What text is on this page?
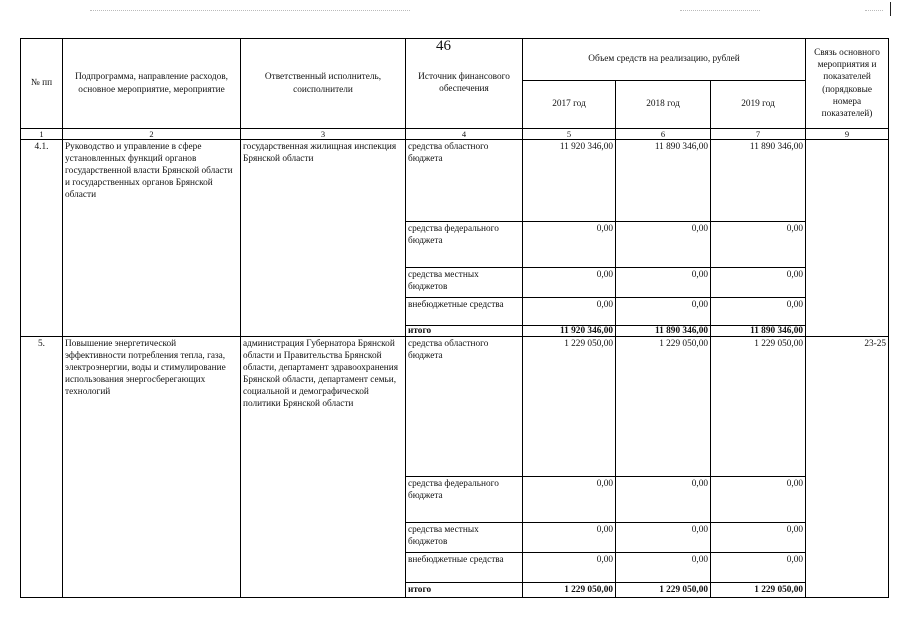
46
№ пп	Подпрограмма, направление расходов, основное мероприятие, мероприятие	Ответственный исполнитель, соисполнители	Источник финансового обеспечения	Объем средств на реализацию, рублей			Связь основного мероприятия и показателей (порядковые номера показателей)
				2017 год	2018 год	2019 год	
1	2	3	4	5	6	7	9
4.1.	Руководство и управление в сфере установленных функций органов государственной власти Брянской области и государственных органов Брянской области	государственная жилищная инспекция Брянской области	средства областного бюджета	11 920 346,00	11 890 346,00	11 890 346,00	
			средства федерального бюджета	0,00	0,00	0,00	
			средства местных бюджетов	0,00	0,00	0,00	
			внебюджетные средства	0,00	0,00	0,00	
			итого	11 920 346,00	11 890 346,00	11 890 346,00	
5.	Повышение энергетической эффективности потребления тепла, газа, электроэнергии, воды и стимулирование использования энергосберегающих технологий	администрация Губернатора Брянской области и Правительства Брянской области, департамент здравоохранения Брянской области, департамент семьи, социальной и демографической политики Брянской области	средства областного бюджета	1 229 050,00	1 229 050,00	1 229 050,00	23-25
			средства федерального бюджета	0,00	0,00	0,00	
			средства местных бюджетов	0,00	0,00	0,00	
			внебюджетные средства	0,00	0,00	0,00	
			итого	1 229 050,00	1 229 050,00	1 229 050,00	
